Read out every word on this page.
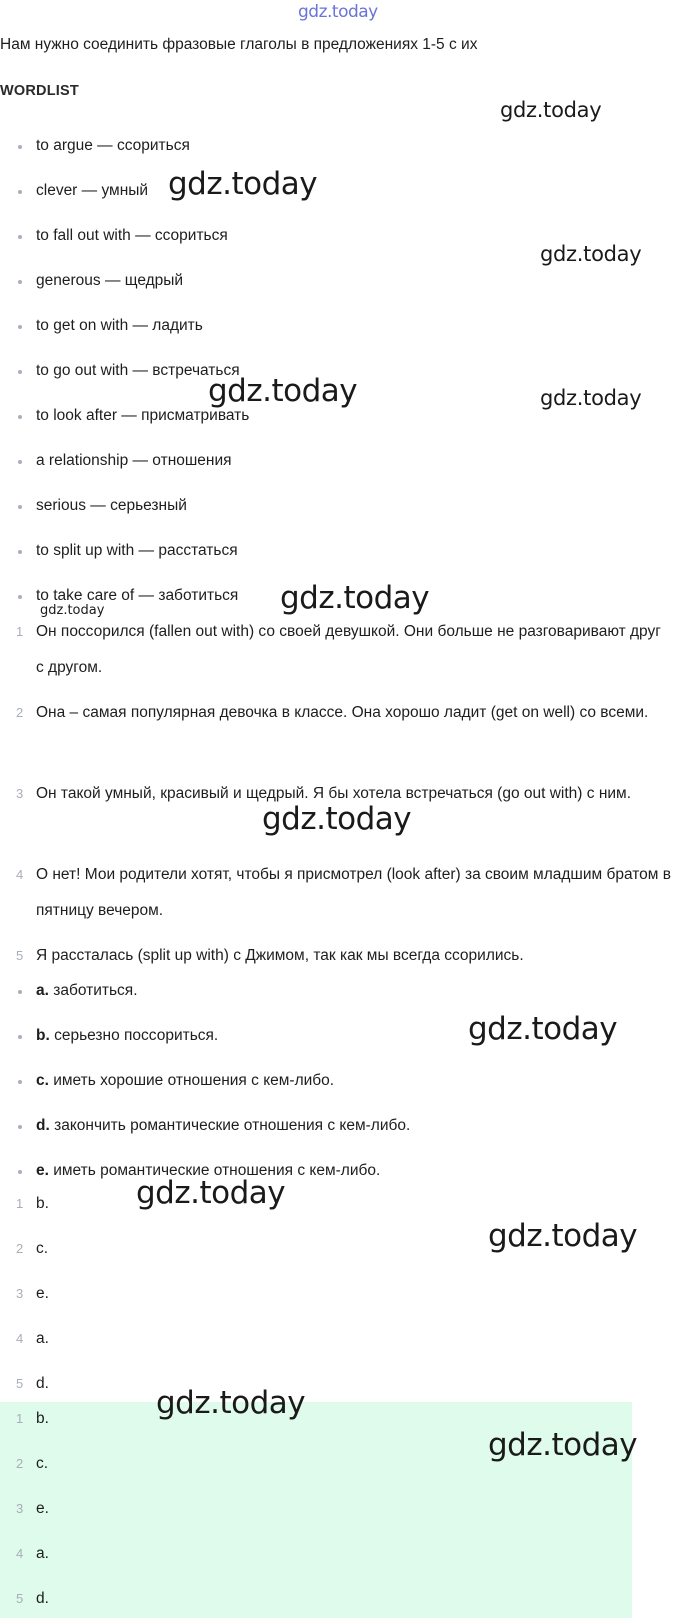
gdz.today
Нам нужно соединить фразовые глаголы в предложениях 1-5 с их
WORDLIST
to argue — ссориться
clever — умный
to fall out with — ссориться
generous — щедрый
to get on with — ладить
to go out with — встречаться
to look after — присматривать
a relationship — отношения
serious — серьезный
to split up with — расстаться
to take care of — заботиться
1 Он поссорился (fallen out with) со своей девушкой. Они больше не разговаривают друг с другом.
2 Она – самая популярная девочка в классе. Она хорошо ладит (get on well) со всеми.
3 Он такой умный, красивый и щедрый. Я бы хотела встречаться (go out with) с ним.
4 О нет! Мои родители хотят, чтобы я присмотрел (look after) за своим младшим братом в пятницу вечером.
5 Я рассталась (split up with) с Джимом, так как мы всегда ссорились.
a. заботиться.
b. серьезно поссориться.
c. иметь хорошие отношения с кем-либо.
d. закончить романтические отношения с кем-либо.
e. иметь романтические отношения с кем-либо.
1 b.
2 c.
3 e.
4 a.
5 d.
1 b.
2 c.
3 e.
4 a.
5 d.
gdz.today
gdz.today
gdz.today
gdz.today	gdz.today
gdz.today
gdz.today
gdz.today
gdz.today
gdz.today
gdz.today
gdz.today
gdz.today
